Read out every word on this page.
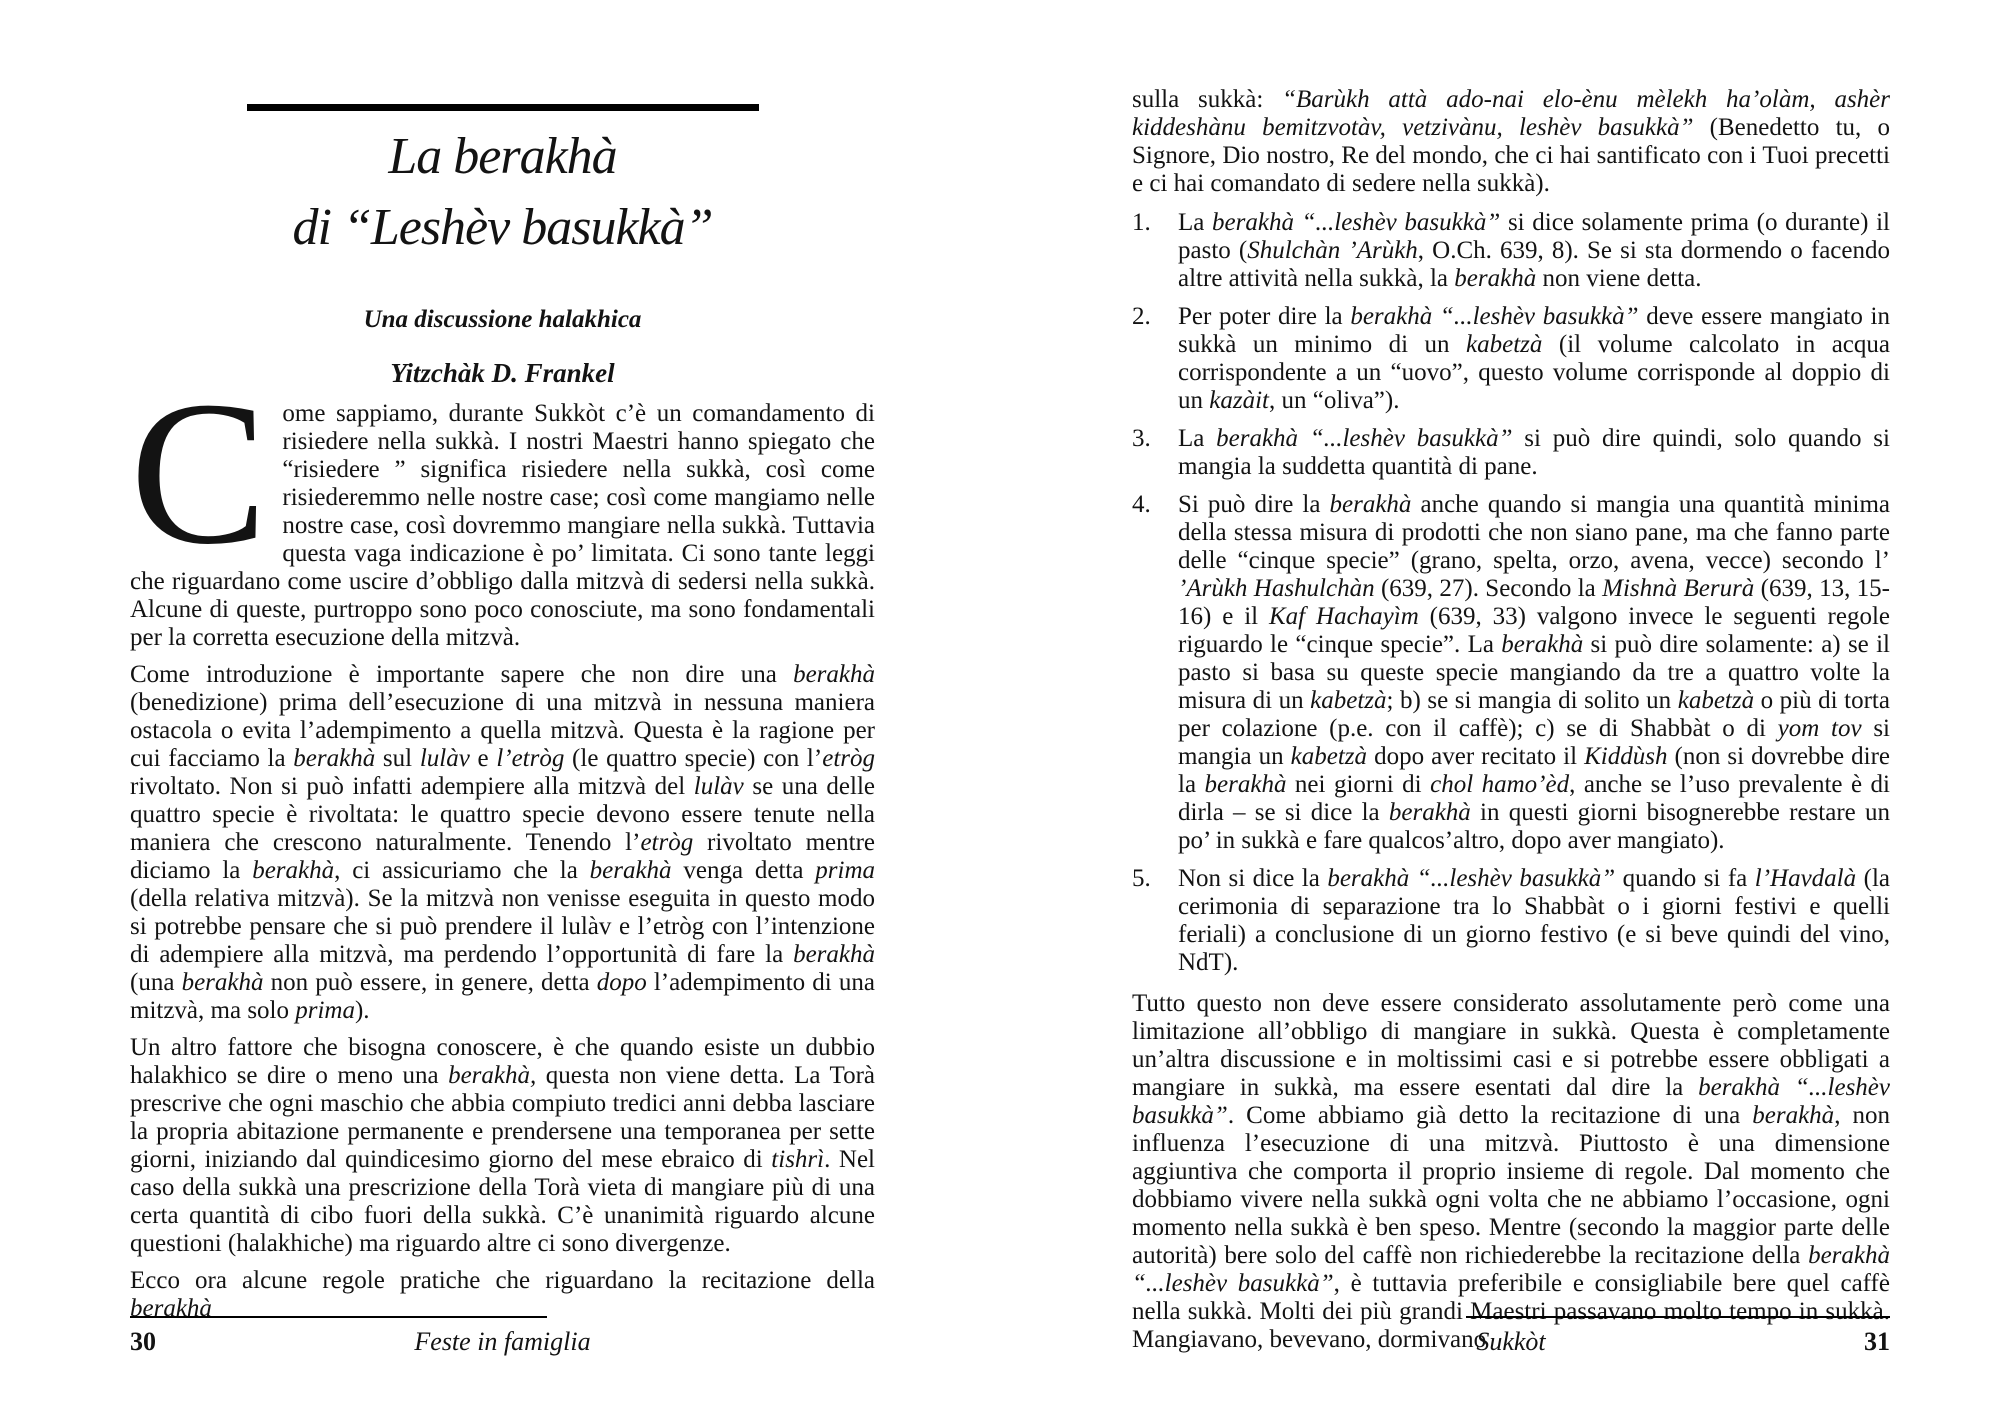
La berakhà
di “Leshèv basukkà”
Una discussione halakhica
Yitzchàk D. Frankel

Come sappiamo, durante Sukkòt c’è un comandamento di risiedere nella sukkà. I nostri Maestri hanno spiegato che “risiedere ” significa risiedere nella sukkà, così come risiederemmo nelle nostre case; così come mangiamo nelle nostre case, così dovremmo mangiare nella sukkà. Tuttavia questa vaga indicazione è po’ limitata. Ci sono tante leggi che riguardano come uscire d’obbligo dalla mitzvà di sedersi nella sukkà. Alcune di queste, purtroppo sono poco conosciute, ma sono fondamentali per la corretta esecuzione della mitzvà.

Come introduzione è importante sapere che non dire una berakhà (benedizione) prima dell’esecuzione di una mitzvà in nessuna maniera ostacola o evita l’adempimento a quella mitzvà. Questa è la ragione per cui facciamo la berakhà sul lulàv e l’etròg (le quattro specie) con l’etròg rivoltato. Non si può infatti adempiere alla mitzvà del lulàv se una delle quattro specie è rivoltata: le quattro specie devono essere tenute nella maniera che crescono naturalmente. Tenendo l’etròg rivoltato mentre diciamo la berakhà, ci assicuriamo che la berakhà venga detta prima (della relativa mitzvà). Se la mitzvà non venisse eseguita in questo modo si potrebbe pensare che si può prendere il lulàv e l’etròg con l’intenzione di adempiere alla mitzvà, ma perdendo l’opportunità di fare la berakhà (una berakhà non può essere, in genere, detta dopo l’adempimento di una mitzvà, ma solo prima).

Un altro fattore che bisogna conoscere, è che quando esiste un dubbio halakhico se dire o meno una berakhà, questa non viene detta. La Torà prescrive che ogni maschio che abbia compiuto tredici anni debba lasciare la propria abitazione permanente e prendersene una temporanea per sette giorni, iniziando dal quindicesimo giorno del mese ebraico di tishrì. Nel caso della sukkà una prescrizione della Torà vieta di mangiare più di una certa quantità di cibo fuori della sukkà. C’è unanimità riguardo alcune questioni (halakhiche) ma riguardo altre ci sono divergenze.

Ecco ora alcune regole pratiche che riguardano la recitazione della berakhà

30	Feste in famiglia

sulla sukkà: “Barùkh attà ado-nai elo-ènu mèlekh ha’olàm, ashèr kiddeshànu bemitzvotàv, vetzivànu, leshèv basukkà” (Benedetto tu, o Signore, Dio nostro, Re del mondo, che ci hai santificato con i Tuoi precetti e ci hai comandato di sedere nella sukkà).

1. La berakhà “...leshèv basukkà” si dice solamente prima (o durante) il pasto (Shulchàn ’Arùkh, O.Ch. 639, 8). Se si sta dormendo o facendo altre attività nella sukkà, la berakhà non viene detta.
2. Per poter dire la berakhà “...leshèv basukkà” deve essere mangiato in sukkà un minimo di un kabetzà (il volume calcolato in acqua corrispondente a un “uovo”, questo volume corrisponde al doppio di un kazàit, un “oliva”).
3. La berakhà “...leshèv basukkà” si può dire quindi, solo quando si mangia la suddetta quantità di pane.
4. Si può dire la berakhà anche quando si mangia una quantità minima della stessa misura di prodotti che non siano pane, ma che fanno parte delle “cinque specie” (grano, spelta, orzo, avena, vecce) secondo l’ ’Arùkh Hashulchàn (639, 27). Secondo la Mishnà Berurà (639, 13, 15-16) e il Kaf Hachayìm (639, 33) valgono invece le seguenti regole riguardo le “cinque specie”. La berakhà si può dire solamente: a) se il pasto si basa su queste specie mangiando da tre a quattro volte la misura di un kabetzà; b) se si mangia di solito un kabetzà o più di torta per colazione (p.e. con il caffè); c) se di Shabbàt o di yom tov si mangia un kabetzà dopo aver recitato il Kiddùsh (non si dovrebbe dire la berakhà nei giorni di chol hamo’èd, anche se l’uso prevalente è di dirla – se si dice la berakhà in questi giorni bisognerebbe restare un po’ in sukkà e fare qualcos’altro, dopo aver mangiato).
5. Non si dice la berakhà “...leshèv basukkà” quando si fa l’Havdalà (la cerimonia di separazione tra lo Shabbàt o i giorni festivi e quelli feriali) a conclusione di un giorno festivo (e si beve quindi del vino, NdT).

Tutto questo non deve essere considerato assolutamente però come una limitazione all’obbligo di mangiare in sukkà. Questa è completamente un’altra discussione e in moltissimi casi e si potrebbe essere obbligati a mangiare in sukkà, ma essere esentati dal dire la berakhà “...leshèv basukkà”. Come abbiamo già detto la recitazione di una berakhà, non influenza l’esecuzione di una mitzvà. Piuttosto è una dimensione aggiuntiva che comporta il proprio insieme di regole. Dal momento che dobbiamo vivere nella sukkà ogni volta che ne abbiamo l’occasione, ogni momento nella sukkà è ben speso. Mentre (secondo la maggior parte delle autorità) bere solo del caffè non richiederebbe la recitazione della berakhà “...leshèv basukkà”, è tuttavia preferibile e consigliabile bere quel caffè nella sukkà. Molti dei più grandi Maestri passavano molto tempo in sukkà. Mangiavano, bevevano, dormivano

Sukkòt	31
